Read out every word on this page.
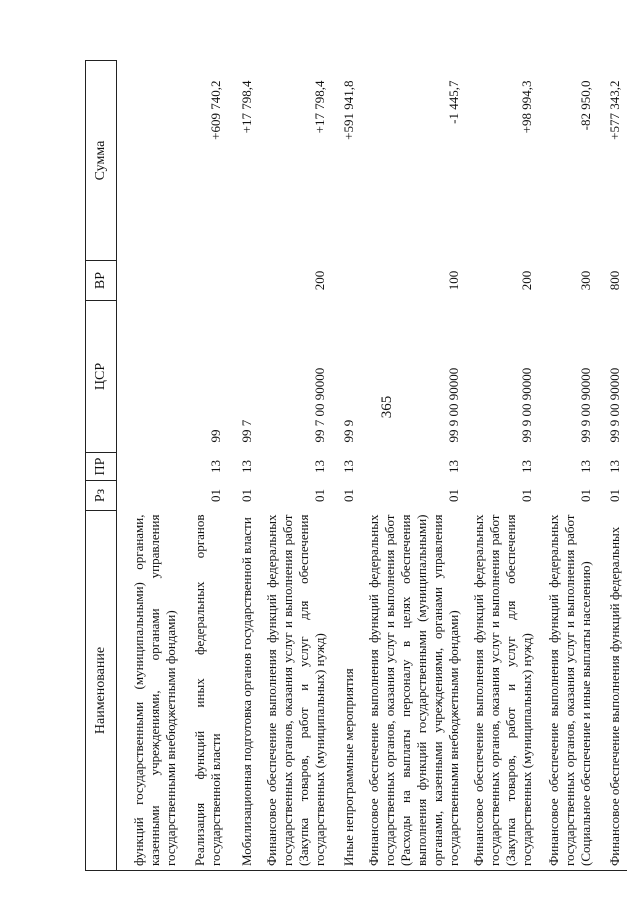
365
Наименование	Рз	ПР	ЦСР	ВР	Сумма
функций государственными (муниципальными) органами, казенными учреждениями, органами управления государственными внебюджетными фондами)					
Реализация функций иных федеральных органов государственной власти	01	13	99		+609 740,2
Мобилизационная подготовка органов государственной власти	01	13	99 7		+17 798,4
Финансовое обеспечение выполнения функций федеральных государственных органов, оказания услуг и выполнения работ (Закупка товаров, работ и услуг для обеспечения государственных (муниципальных) нужд)	01	13	99 7 00 90000	200	+17 798,4
Иные непрограммные мероприятия	01	13	99 9		+591 941,8
Финансовое обеспечение выполнения функций федеральных государственных органов, оказания услуг и выполнения работ (Расходы на выплаты персоналу в целях обеспечения выполнения функций государственными (муниципальными) органами, казенными учреждениями, органами управления государственными внебюджетными фондами)	01	13	99 9 00 90000	100	-1 445,7
Финансовое обеспечение выполнения функций федеральных государственных органов, оказания услуг и выполнения работ (Закупка товаров, работ и услуг для обеспечения государственных (муниципальных) нужд)	01	13	99 9 00 90000	200	+98 994,3
Финансовое обеспечение выполнения функций федеральных государственных органов, оказания услуг и выполнения работ (Социальное обеспечение и иные выплаты населению)	01	13	99 9 00 90000	300	-82 950,0
Финансовое обеспечение выполнения функций федеральных	01	13	99 9 00 90000	800	+577 343,2
